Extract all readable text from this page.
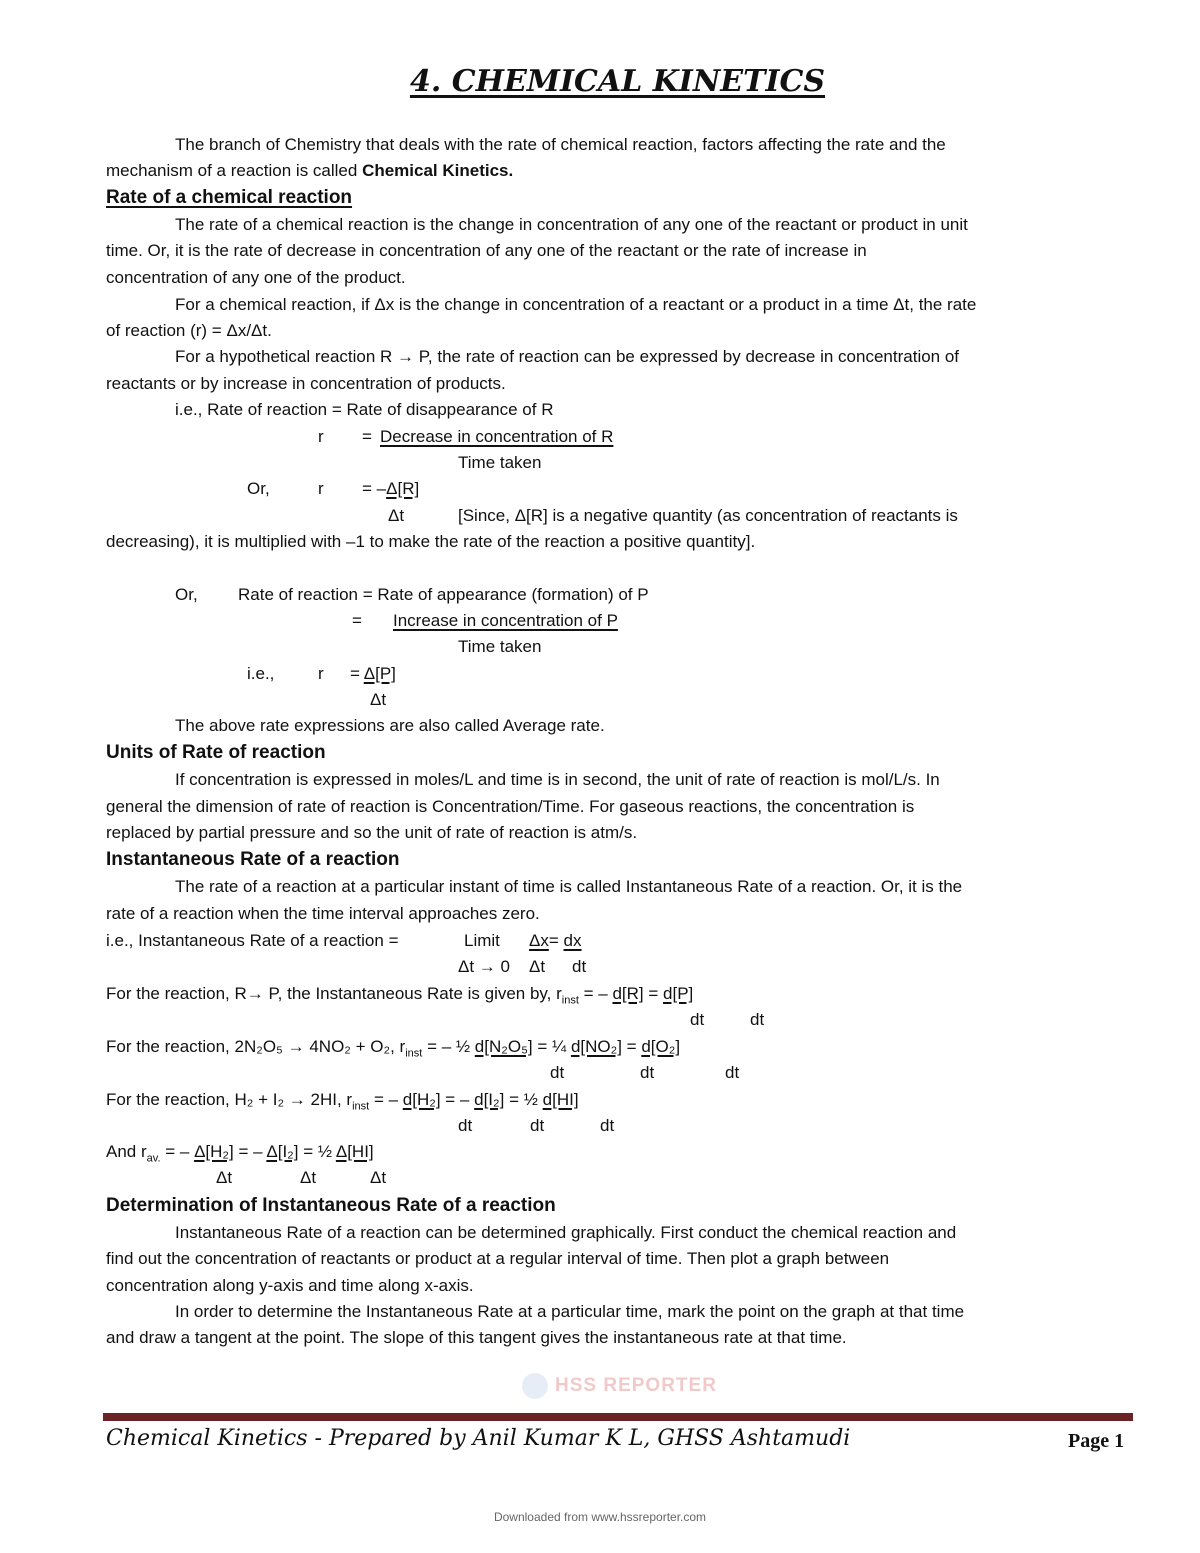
4. CHEMICAL KINETICS
The branch of Chemistry that deals with the rate of chemical reaction, factors affecting the rate and the
mechanism of a reaction is called Chemical Kinetics.
Rate of a chemical reaction
The rate of a chemical reaction is the change in concentration of any one of the reactant or product in unit
time. Or, it is the rate of decrease in concentration of any one of the reactant or the rate of increase in
concentration of any one of the product.
For a chemical reaction, if Δx is the change in concentration of a reactant or a product in a time Δt, the rate
of reaction (r) = Δx/Δt.
For a hypothetical reaction R → P, the rate of reaction can be expressed by decrease in concentration of
reactants or by increase in concentration of products.
i.e., Rate of reaction = Rate of disappearance of R
r = Decrease in concentration of R
Time taken
Or,	r = –Δ[R]
Δt	[Since, Δ[R] is a negative quantity (as concentration of reactants is
decreasing), it is multiplied with –1 to make the rate of the reaction a positive quantity].
Or, Rate of reaction = Rate of appearance (formation) of P
= Increase in concentration of P
Time taken
i.e.,	r = Δ[P]
Δt
The above rate expressions are also called Average rate.
Units of Rate of reaction
If concentration is expressed in moles/L and time is in second, the unit of rate of reaction is mol/L/s. In
general the dimension of rate of reaction is Concentration/Time. For gaseous reactions, the concentration is
replaced by partial pressure and so the unit of rate of reaction is atm/s.
Instantaneous Rate of a reaction
The rate of a reaction at a particular instant of time is called Instantaneous Rate of a reaction. Or, it is the
rate of a reaction when the time interval approaches zero.
i.e., Instantaneous Rate of a reaction =	Limit Δx= dx
Δt → 0 Δt dt
For the reaction, R→ P, the Instantaneous Rate is given by, $r_{inst}$ = – d[R] = d[P]
dt	dt
For the reaction, 2N₂O₅ → 4NO₂ + O₂, $r_{inst}$ = – ½ d[N₂O₅] = ¼ d[NO₂] = d[O₂]
dt	dt	dt
For the reaction, H₂ + I₂ → 2HI, $r_{inst}$ = – d[H₂] = – d[I₂] = ½ d[HI]
dt	dt	dt
And $r_{av.}$ = – Δ[H₂] = – Δ[I₂] = ½ Δ[HI]
Δt	Δt	Δt
Determination of Instantaneous Rate of a reaction
Instantaneous Rate of a reaction can be determined graphically. First conduct the chemical reaction and
find out the concentration of reactants or product at a regular interval of time. Then plot a graph between
concentration along y-axis and time along x-axis.
In order to determine the Instantaneous Rate at a particular time, mark the point on the graph at that time
and draw a tangent at the point. The slope of this tangent gives the instantaneous rate at that time.
HSS REPORTER
Chemical Kinetics - Prepared by Anil Kumar K L, GHSS Ashtamudi	Page 1
Downloaded from www.hssreporter.com
